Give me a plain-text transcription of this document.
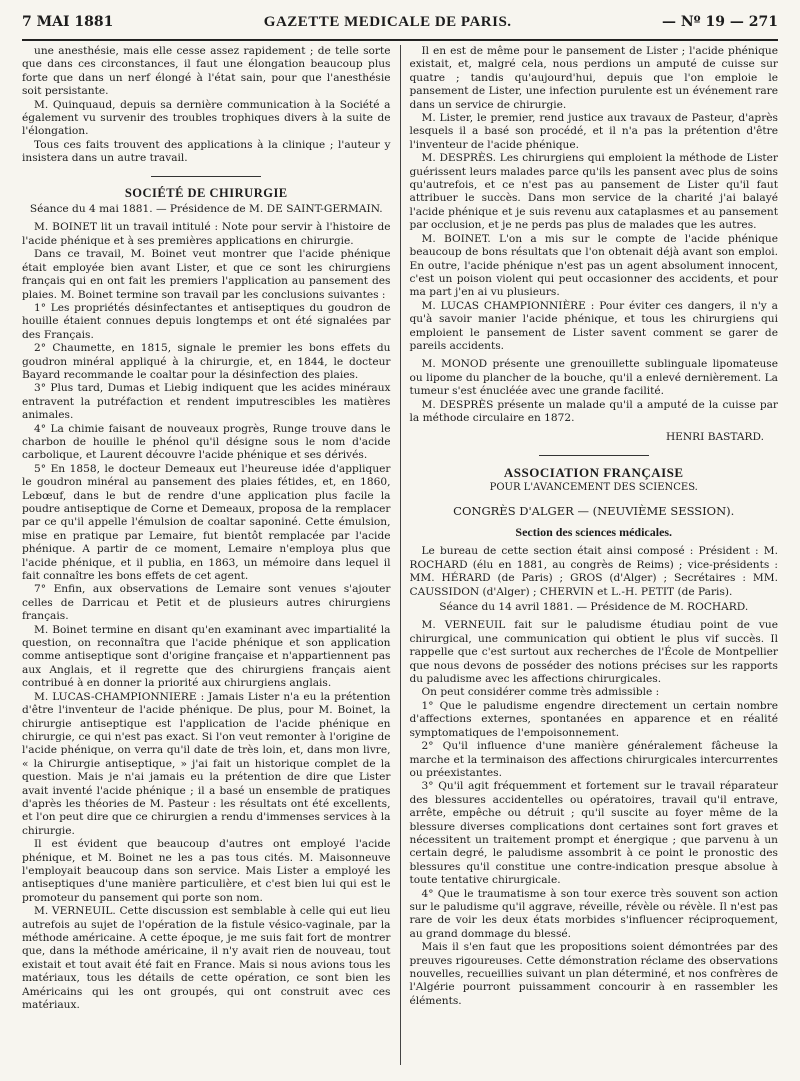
7 MAI 1881	GAZETTE MEDICALE DE PARIS.	— Nº 19 — 271

une anesthésie, mais elle cesse assez rapidement ; de telle sorte que dans ces circonstances, il faut une élongation beaucoup plus forte que dans un nerf élongé à l'état sain, pour que l'anesthésie soit persistante.

M. Quinquaud, depuis sa dernière communication à la Société a également vu survenir des troubles trophiques divers à la suite de l'élongation.

Tous ces faits trouvent des applications à la clinique ; l'auteur y insistera dans un autre travail.

SOCIÉTÉ DE CHIRURGIE
Séance du 4 mai 1881. — Présidence de M. DE SAINT-GERMAIN.

M. BOINET lit un travail intitulé : Note pour servir à l'histoire de l'acide phénique et à ses premières applications en chirurgie.

Dans ce travail, M. Boinet veut montrer que l'acide phénique était employée bien avant Lister, et que ce sont les chirurgiens français qui en ont fait les premiers l'application au pansement des plaies. M. Boinet termine son travail par les conclusions suivantes :

1° Les propriétés désinfectantes et antiseptiques du goudron de houille étaient connues depuis longtemps et ont été signalées par des Français.

2° Chaumette, en 1815, signale le premier les bons effets du goudron minéral appliqué à la chirurgie, et, en 1844, le docteur Bayard recommande le coaltar pour la désinfection des plaies.

3° Plus tard, Dumas et Liebig indiquent que les acides minéraux entravent la putréfaction et rendent imputrescibles les matières animales.

4° La chimie faisant de nouveaux progrès, Runge trouve dans le charbon de houille le phénol qu'il désigne sous le nom d'acide carbolique, et Laurent découvre l'acide phénique et ses dérivés.

5° En 1858, le docteur Demeaux eut l'heureuse idée d'appliquer le goudron minéral au pansement des plaies fétides, et, en 1860, Lebœuf, dans le but de rendre d'une application plus facile la poudre antiseptique de Corne et Demeaux, proposa de la remplacer par ce qu'il appelle l'émulsion de coaltar saponiné. Cette émulsion, mise en pratique par Lemaire, fut bientôt remplacée par l'acide phénique. A partir de ce moment, Lemaire n'employa plus que l'acide phénique, et il publia, en 1863, un mémoire dans lequel il fait connaître les bons effets de cet agent.

7° Enfin, aux observations de Lemaire sont venues s'ajouter celles de Darricau et Petit et de plusieurs autres chirurgiens français.

M. Boinet termine en disant qu'en examinant avec impartialité la question, on reconnaîtra que l'acide phénique et son application comme antiseptique sont d'origine française et n'appartiennent pas aux Anglais, et il regrette que des chirurgiens français aient contribué à en donner la priorité aux chirurgiens anglais.

M. LUCAS-CHAMPIONNIERE : Jamais Lister n'a eu la prétention d'être l'inventeur de l'acide phénique. De plus, pour M. Boinet, la chirurgie antiseptique est l'application de l'acide phénique en chirurgie, ce qui n'est pas exact. Si l'on veut remonter à l'origine de l'acide phénique, on verra qu'il date de très loin, et, dans mon livre, « la Chirurgie antiseptique, » j'ai fait un historique complet de la question. Mais je n'ai jamais eu la prétention de dire que Lister avait inventé l'acide phénique ; il a basé un ensemble de pratiques d'après les théories de M. Pasteur : les résultats ont été excellents, et l'on peut dire que ce chirurgien a rendu d'immenses services à la chirurgie.

Il est évident que beaucoup d'autres ont employé l'acide phénique, et M. Boinet ne les a pas tous cités. M. Maisonneuve l'employait beaucoup dans son service. Mais Lister a employé les antiseptiques d'une manière particulière, et c'est bien lui qui est le promoteur du pansement qui porte son nom.

M. VERNEUIL. Cette discussion est semblable à celle qui eut lieu autrefois au sujet de l'opération de la fistule vésico-vaginale, par la méthode américaine. A cette époque, je me suis fait fort de montrer que, dans la méthode américaine, il n'y avait rien de nouveau, tout existait et tout avait été fait en France. Mais si nous avions tous les matériaux, tous les détails de cette opération, ce sont bien les Américains qui les ont groupés, qui ont construit avec ces matériaux.

Il en est de même pour le pansement de Lister ; l'acide phénique existait, et, malgré cela, nous perdions un amputé de cuisse sur quatre ; tandis qu'aujourd'hui, depuis que l'on emploie le pansement de Lister, une infection purulente est un événement rare dans un service de chirurgie.

M. Lister, le premier, rend justice aux travaux de Pasteur, d'après lesquels il a basé son procédé, et il n'a pas la prétention d'être l'inventeur de l'acide phénique.

M. DESPRÈS. Les chirurgiens qui emploient la méthode de Lister guérissent leurs malades parce qu'ils les pansent avec plus de soins qu'autrefois, et ce n'est pas au pansement de Lister qu'il faut attribuer le succès. Dans mon service de la charité j'ai balayé l'acide phénique et je suis revenu aux cataplasmes et au pansement par occlusion, et je ne perds pas plus de malades que les autres.

M. BOINET. L'on a mis sur le compte de l'acide phénique beaucoup de bons résultats que l'on obtenait déjà avant son emploi. En outre, l'acide phénique n'est pas un agent absolument innocent, c'est un poison violent qui peut occasionner des accidents, et pour ma part j'en ai vu plusieurs.

M. LUCAS CHAMPIONNIÈRE : Pour éviter ces dangers, il n'y a qu'à savoir manier l'acide phénique, et tous les chirurgiens qui emploient le pansement de Lister savent comment se garer de pareils accidents.

M. MONOD présente une grenouillette sublinguale lipomateuse ou lipome du plancher de la bouche, qu'il a enlevé dernièrement. La tumeur s'est énucléée avec une grande facilité.

M. DESPRÈS présente un malade qu'il a amputé de la cuisse par la méthode circulaire en 1872.

HENRI BASTARD.
ASSOCIATION FRANÇAISE
POUR L'AVANCEMENT DES SCIENCES.
CONGRÈS D'ALGER — (NEUVIÈME SESSION).
Section des sciences médicales.

Le bureau de cette section était ainsi composé : Président : M. ROCHARD (élu en 1881, au congrès de Reims) ; vice-présidents : MM. HÉRARD (de Paris) ; GROS (d'Alger) ; Secrétaires : MM. CAUSSIDON (d'Alger) ; CHERVIN et L.-H. PETIT (de Paris).

Séance du 14 avril 1881. — Présidence de M. ROCHARD.

M. VERNEUIL fait sur le paludisme étudiau point de vue chirurgical, une communication qui obtient le plus vif succès. Il rappelle que c'est surtout aux recherches de l'École de Montpellier que nous devons de posséder des notions précises sur les rapports du paludisme avec les affections chirurgicales.

On peut considérer comme très admissible :

1° Que le paludisme engendre directement un certain nombre d'affections externes, spontanées en apparence et en réalité symptomatiques de l'empoisonnement.

2° Qu'il influence d'une manière généralement fâcheuse la marche et la terminaison des affections chirurgicales intercurrentes ou préexistantes.

3° Qu'il agit fréquemment et fortement sur le travail réparateur des blessures accidentelles ou opératoires, travail qu'il entrave, arrête, empêche ou détruit ; qu'il suscite au foyer même de la blessure diverses complications dont certaines sont fort graves et nécessitent un traitement prompt et énergique ; que parvenu à un certain degré, le paludisme assombrit à ce point le pronostic des blessures qu'il constitue une contre-indication presque absolue à toute tentative chirurgicale.

4° Que le traumatisme à son tour exerce très souvent son action sur le paludisme qu'il aggrave, réveille, révèle ou révèle. Il n'est pas rare de voir les deux états morbides s'influencer réciproquement, au grand dommage du blessé.

Mais il s'en faut que les propositions soient démontrées par des preuves rigoureuses. Cette démonstration réclame des observations nouvelles, recueillies suivant un plan déterminé, et nos confrères de l'Algérie pourront puissamment concourir à en rassembler les éléments.
